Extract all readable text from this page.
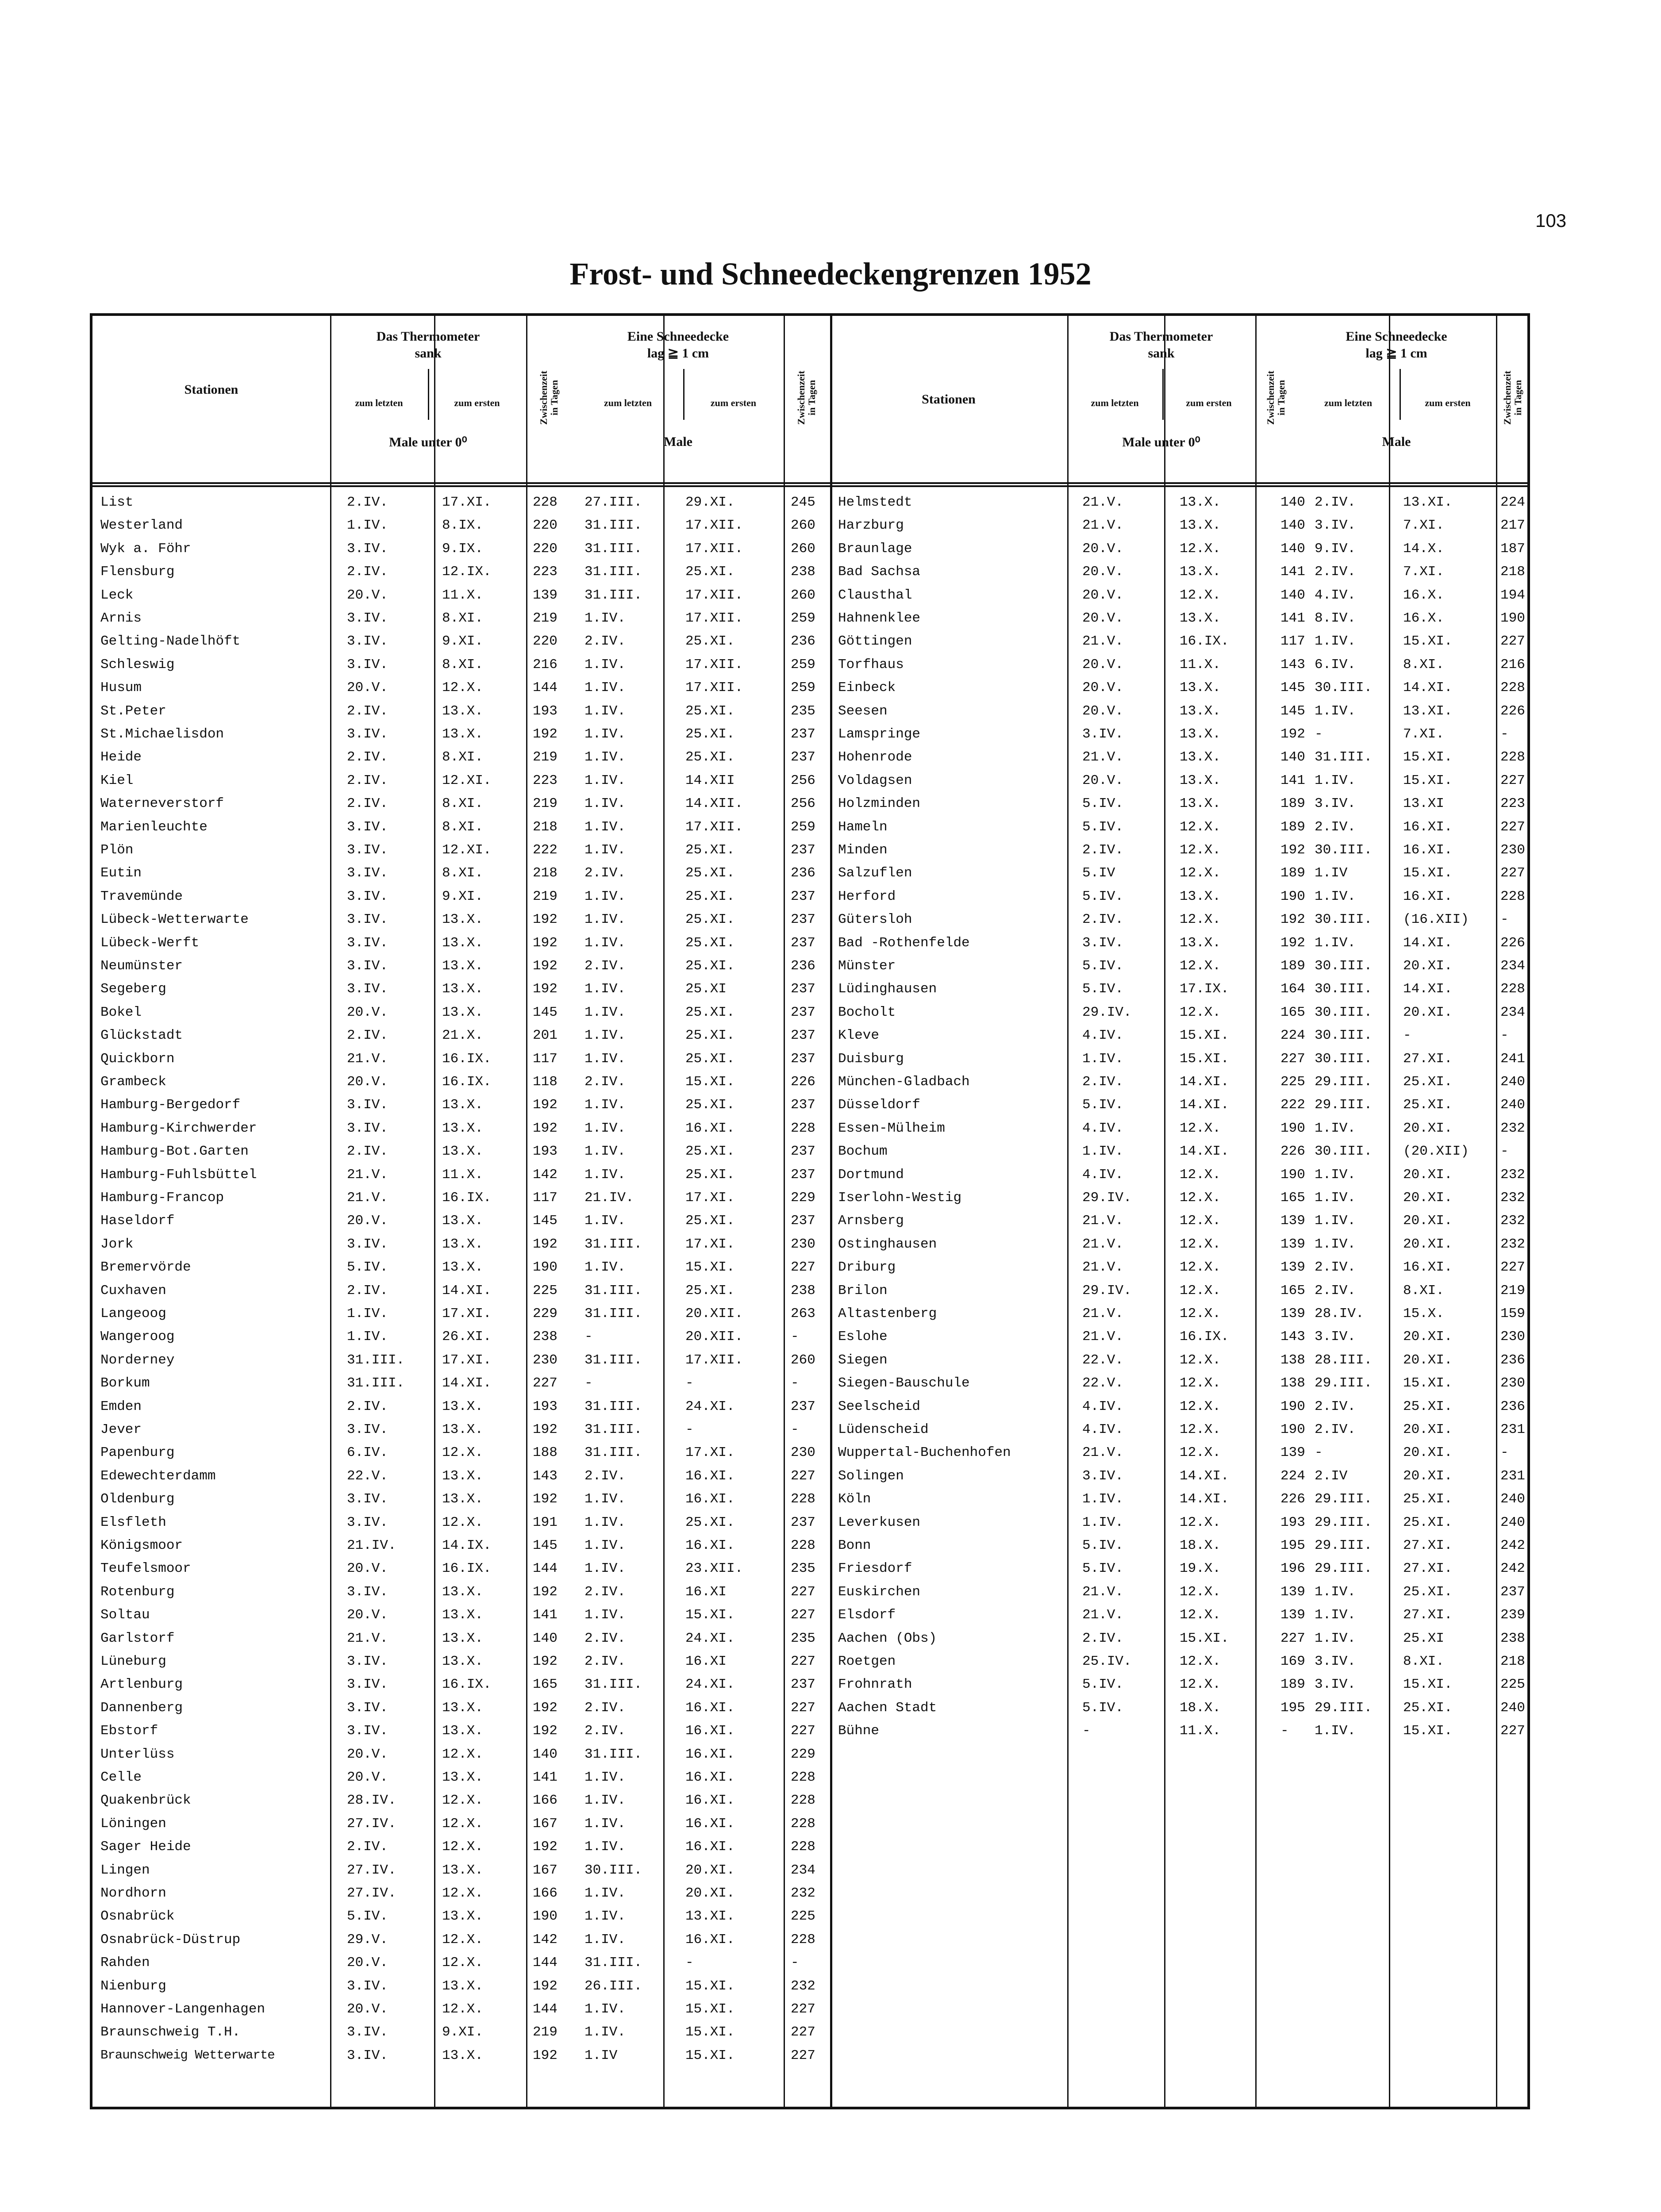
103
Frost- und Schneedeckengrenzen 1952
Stationen
Das Thermometer
sank
zum letzten	zum ersten
Male unter 0⁰
Zwischenzeit in Tagen
Eine Schneedecke
lag ≧ 1 cm
zum letzten	zum ersten
Male
Zwischenzeit in Tagen	Stationen
Das Thermometer
sank
zum letzten	zum ersten
Male unter 0⁰
Zwischenzeit in Tagen
Eine Schneedecke
lag ≧ 1 cm
zum letzten	zum ersten
Male
Zwischenzeit in Tagen
List	2.IV.	17.XI.	228 27.III.	29.XI.	245
Westerland	1.IV.	8.IX.	220 31.III.	17.XII.	260
Wyk a. Föhr	3.IV.	9.IX.	220 31.III.	17.XII.	260
Flensburg	2.IV.	12.IX.	223 31.III.	25.XI.	238
Leck	20.V.	11.X.	139 31.III.	17.XII.	260
Arnis	3.IV.	8.XI.	219 1.IV.	17.XII.	259
Gelting-Nadelhöft	3.IV.	9.XI.	220 2.IV.	25.XI.	236
Schleswig	3.IV.	8.XI.	216 1.IV.	17.XII.	259
Husum	20.V.	12.X.	144 1.IV.	17.XII.	259
St.Peter	2.IV.	13.X.	193 1.IV.	25.XI.	235
St.Michaelisdon	3.IV.	13.X.	192 1.IV.	25.XI.	237
Heide	2.IV.	8.XI.	219 1.IV.	25.XI.	237
Kiel	2.IV.	12.XI.	223 1.IV.	14.XII	256
Waterneverstorf	2.IV.	8.XI.	219 1.IV.	14.XII.	256
Marienleuchte	3.IV.	8.XI.	218 1.IV.	17.XII.	259
Plön	3.IV.	12.XI.	222 1.IV.	25.XI.	237
Eutin	3.IV.	8.XI.	218 2.IV.	25.XI.	236
Travemünde	3.IV.	9.XI.	219 1.IV.	25.XI.	237
Lübeck-Wetterwarte	3.IV.	13.X.	192 1.IV.	25.XI.	237
Lübeck-Werft	3.IV.	13.X.	192 1.IV.	25.XI.	237
Neumünster	3.IV.	13.X.	192 2.IV.	25.XI.	236
Segeberg	3.IV.	13.X.	192 1.IV.	25.XI	237
Bokel	20.V.	13.X.	145 1.IV.	25.XI.	237
Glückstadt	2.IV.	21.X.	201 1.IV.	25.XI.	237
Quickborn	21.V.	16.IX.	117 1.IV.	25.XI.	237
Grambeck	20.V.	16.IX.	118 2.IV.	15.XI.	226
Hamburg-Bergedorf	3.IV.	13.X.	192 1.IV.	25.XI.	237
Hamburg-Kirchwerder	3.IV.	13.X.	192 1.IV.	16.XI.	228
Hamburg-Bot.Garten	2.IV.	13.X.	193 1.IV.	25.XI.	237
Hamburg-Fuhlsbüttel	21.V.	11.X.	142 1.IV.	25.XI.	237
Hamburg-Francop	21.V.	16.IX.	117 21.IV.	17.XI.	229
Haseldorf	20.V.	13.X.	145 1.IV.	25.XI.	237
Jork	3.IV.	13.X.	192 31.III.	17.XI.	230
Bremervörde	5.IV.	13.X.	190 1.IV.	15.XI.	227
Cuxhaven	2.IV.	14.XI.	225 31.III.	25.XI.	238
Langeoog	1.IV.	17.XI.	229 31.III.	20.XII.	263
Wangeroog	1.IV.	26.XI.	238 -	20.XII.	-
Norderney	31.III.	17.XI.	230 31.III.	17.XII.	260
Borkum	31.III.	14.XI.	227 -	-	-
Emden	2.IV.	13.X.	193 31.III.	24.XI.	237
Jever	3.IV.	13.X.	192 31.III.	-	-
Papenburg	6.IV.	12.X.	188 31.III.	17.XI.	230
Edewechterdamm	22.V.	13.X.	143 2.IV.	16.XI.	227
Oldenburg	3.IV.	13.X.	192 1.IV.	16.XI.	228
Elsfleth	3.IV.	12.X.	191 1.IV.	25.XI.	237
Königsmoor	21.IV.	14.IX.	145 1.IV.	16.XI.	228
Teufelsmoor	20.V.	16.IX.	144 1.IV.	23.XII.	235
Rotenburg	3.IV.	13.X.	192 2.IV.	16.XI	227
Soltau	20.V.	13.X.	141 1.IV.	15.XI.	227
Garlstorf	21.V.	13.X.	140 2.IV.	24.XI.	235
Lüneburg	3.IV.	13.X.	192 2.IV.	16.XI	227
Artlenburg	3.IV.	16.IX.	165 31.III.	24.XI.	237
Dannenberg	3.IV.	13.X.	192 2.IV.	16.XI.	227
Ebstorf	3.IV.	13.X.	192 2.IV.	16.XI.	227
Unterlüss	20.V.	12.X.	140 31.III.	16.XI.	229
Celle	20.V.	13.X.	141 1.IV.	16.XI.	228
Quakenbrück	28.IV.	12.X.	166 1.IV.	16.XI.	228
Löningen	27.IV.	12.X.	167 1.IV.	16.XI.	228
Sager Heide	2.IV.	12.X.	192 1.IV.	16.XI.	228
Lingen	27.IV.	13.X.	167 30.III.	20.XI.	234
Nordhorn	27.IV.	12.X.	166 1.IV.	20.XI.	232
Osnabrück	5.IV.	13.X.	190 1.IV.	13.XI.	225
Osnabrück-Düstrup	29.V.	12.X.	142 1.IV.	16.XI.	228
Rahden	20.V.	12.X.	144 31.III.	-	-
Nienburg	3.IV.	13.X.	192 26.III.	15.XI.	232
Hannover-Langenhagen	20.V.	12.X.	144 1.IV.	15.XI.	227
Braunschweig T.H.	3.IV.	9.XI.	219 1.IV.	15.XI.	227
Braunschweig Wetterwarte	3.IV.	13.X.	192 1.IV	15.XI.	227
Helmstedt	21.V.	13.X.	140 2.IV.	13.XI.	224
Harzburg	21.V.	13.X.	140 3.IV.	7.XI.	217
Braunlage	20.V.	12.X.	140 9.IV.	14.X.	187
Bad Sachsa	20.V.	13.X.	141 2.IV.	7.XI.	218
Clausthal	20.V.	12.X.	140 4.IV.	16.X.	194
Hahnenklee	20.V.	13.X.	141 8.IV.	16.X.	190
Göttingen	21.V.	16.IX.	117 1.IV.	15.XI.	227
Torfhaus	20.V.	11.X.	143 6.IV.	8.XI.	216
Einbeck	20.V.	13.X.	145 30.III. 14.XI.	228
Seesen	20.V.	13.X.	145 1.IV.	13.XI.	226
Lamspringe	3.IV.	13.X.	192 -	7.XI.	-
Hohenrode	21.V.	13.X.	140 31.III. 15.XI.	228
Voldagsen	20.V.	13.X.	141 1.IV.	15.XI.	227
Holzminden	5.IV.	13.X.	189 3.IV.	13.XI	223
Hameln	5.IV.	12.X.	189 2.IV.	16.XI.	227
Minden	2.IV.	12.X.	192 30.III. 16.XI.	230
Salzuflen	5.IV	12.X.	189 1.IV	15.XI.	227
Herford	5.IV.	13.X.	190 1.IV.	16.XI.	228
Gütersloh	2.IV.	12.X.	192 30.III. (16.XII) -
Bad -Rothenfelde	3.IV.	13.X.	192 1.IV.	14.XI.	226
Münster	5.IV.	12.X.	189 30.III. 20.XI.	234
Lüdinghausen	5.IV.	17.IX.	164 30.III. 14.XI.	228
Bocholt	29.IV.	12.X.	165 30.III. 20.XI.	234
Kleve	4.IV.	15.XI.	224 30.III. -	-
Duisburg	1.IV.	15.XI.	227 30.III. 27.XI.	241
München-Gladbach	2.IV.	14.XI.	225 29.III. 25.XI.	240
Düsseldorf	5.IV.	14.XI.	222 29.III. 25.XI.	240
Essen-Mülheim	4.IV.	12.X.	190 1.IV.	20.XI.	232
Bochum	1.IV.	14.XI.	226 30.III. (20.XII) -
Dortmund	4.IV.	12.X.	190 1.IV.	20.XI.	232
Iserlohn-Westig	29.IV.	12.X.	165 1.IV.	20.XI.	232
Arnsberg	21.V.	12.X.	139 1.IV.	20.XI.	232
Ostinghausen	21.V.	12.X.	139 1.IV.	20.XI.	232
Driburg	21.V.	12.X.	139 2.IV.	16.XI.	227
Brilon	29.IV.	12.X.	165 2.IV.	8.XI.	219
Altastenberg	21.V.	12.X.	139 28.IV.	15.X.	159
Eslohe	21.V.	16.IX.	143 3.IV.	20.XI.	230
Siegen	22.V.	12.X.	138 28.III. 20.XI.	236
Siegen-Bauschule	22.V.	12.X.	138 29.III. 15.XI.	230
Seelscheid	4.IV.	12.X.	190 2.IV.	25.XI.	236
Lüdenscheid	4.IV.	12.X.	190 2.IV.	20.XI.	231
Wuppertal-Buchenhofen	21.V.	12.X.	139 -	20.XI.	-
Solingen	3.IV.	14.XI.	224 2.IV	20.XI.	231
Köln	1.IV.	14.XI.	226 29.III. 25.XI.	240
Leverkusen	1.IV.	12.X.	193 29.III. 25.XI.	240
Bonn	5.IV.	18.X.	195 29.III. 27.XI.	242
Friesdorf	5.IV.	19.X.	196 29.III. 27.XI.	242
Euskirchen	21.V.	12.X.	139 1.IV.	25.XI.	237
Elsdorf	21.V.	12.X.	139 1.IV.	27.XI.	239
Aachen (Obs)	2.IV.	15.XI.	227 1.IV.	25.XI	238
Roetgen	25.IV.	12.X.	169 3.IV.	8.XI.	218
Frohnrath	5.IV.	12.X.	189 3.IV.	15.XI.	225
Aachen Stadt	5.IV.	18.X.	195 29.III. 25.XI.	240
Bühne	-	11.X.	- 1.IV.	15.XI.	227
